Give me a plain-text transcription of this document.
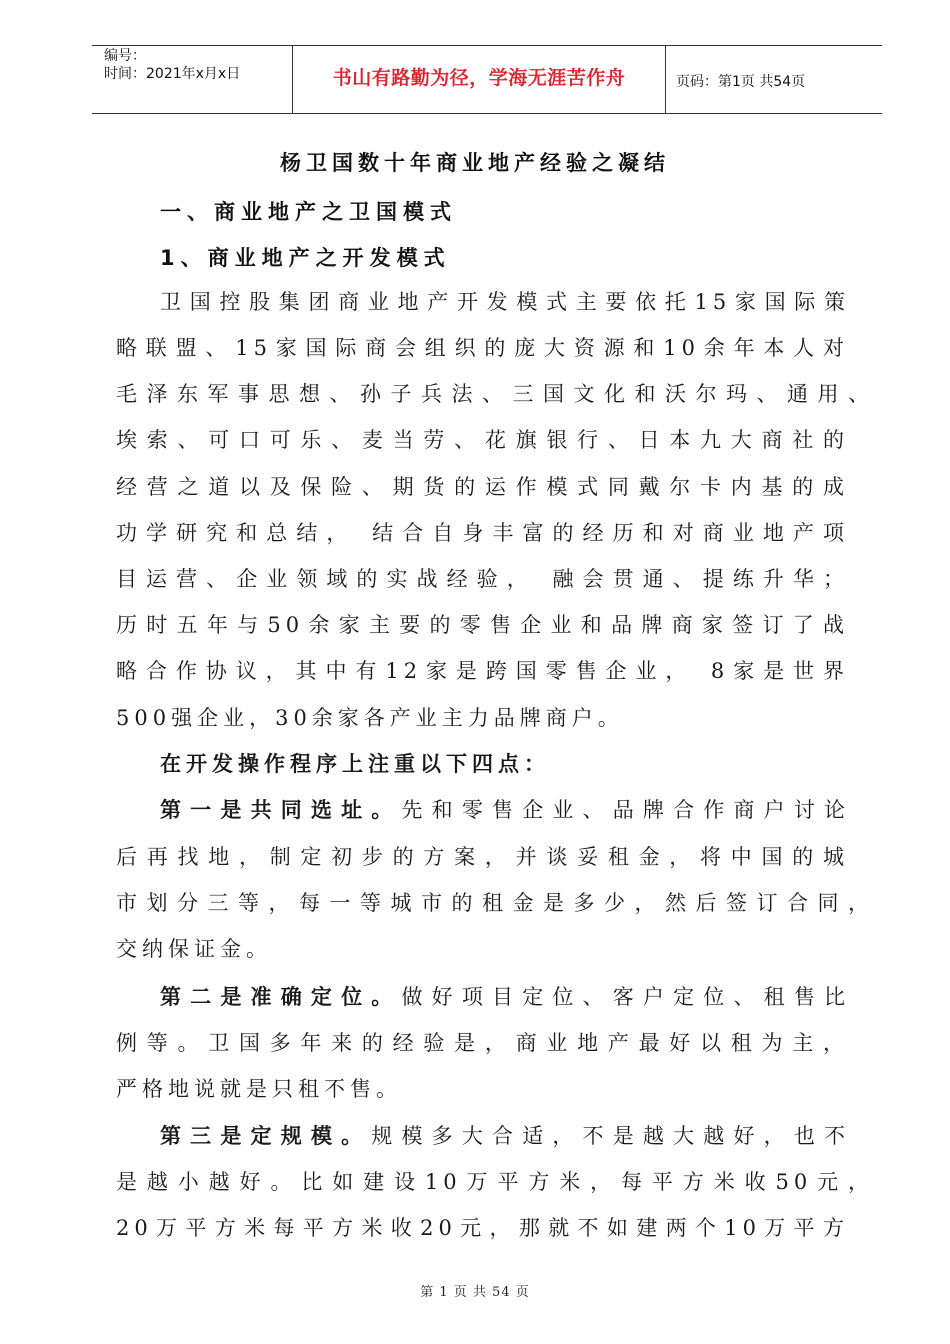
编号：
时间：2021年x月x日	书山有路勤为径，学海无涯苦作舟	页码：第1页 共54页
杨卫国数十年商业地产经验之凝结
一、商业地产之卫国模式
1、商业地产之开发模式
卫国控股集团商业地产开发模式主要依托15家国际策
略联盟、15家国际商会组织的庞大资源和10余年本人对
毛泽东军事思想、孙子兵法、三国文化和沃尔玛、通用、
埃索、可口可乐、麦当劳、花旗银行、日本九大商社的
经营之道以及保险、期货的运作模式同戴尔卡内基的成
功学研究和总结， 结合自身丰富的经历和对商业地产项
目运营、企业领域的实战经验， 融会贯通、提练升华；
历时五年与50余家主要的零售企业和品牌商家签订了战
略合作协议，其中有12家是跨国零售企业， 8家是世界
500强企业，30余家各产业主力品牌商户。
在开发操作程序上注重以下四点：
第一是共同选址。先和零售企业、品牌合作商户讨论
后再找地，制定初步的方案，并谈妥租金，将中国的城
市划分三等，每一等城市的租金是多少，然后签订合同，
交纳保证金。
第二是准确定位。做好项目定位、客户定位、租售比
例等。卫国多年来的经验是，商业地产最好以租为主，
严格地说就是只租不售。
第三是定规模。规模多大合适，不是越大越好，也不
是越小越好。比如建设10万平方米，每平方米收50元，
20万平方米每平方米收20元，那就不如建两个10万平方
第 1 页 共 54 页
